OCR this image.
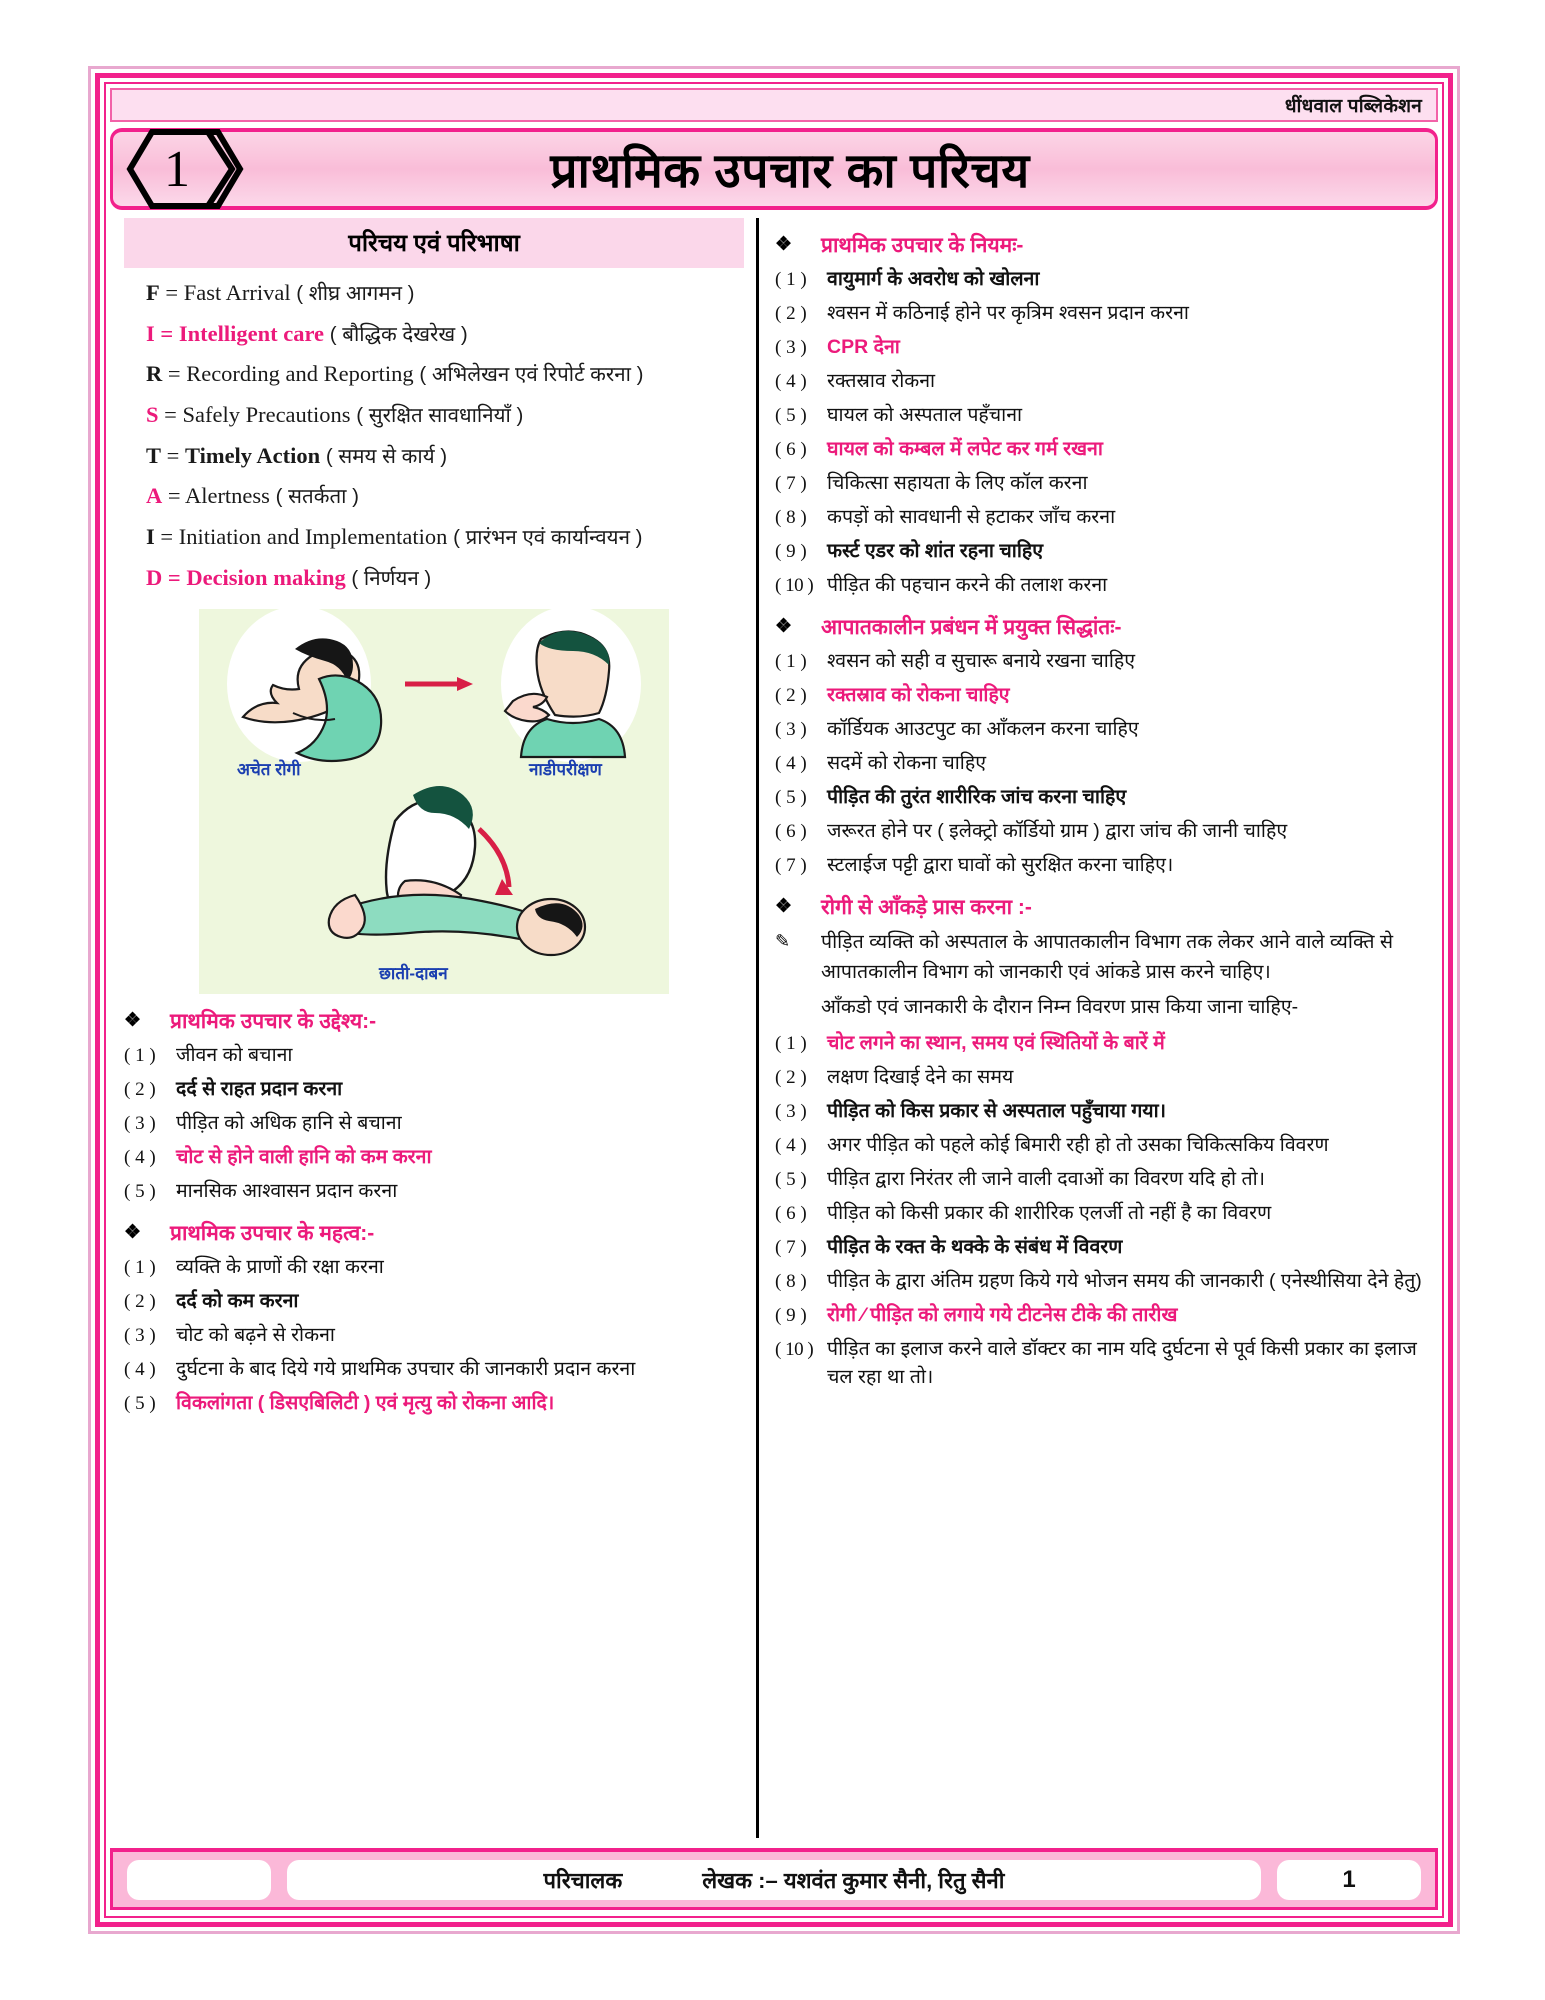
धींधवाल पब्लिकेशन
1	प्राथमिक उपचार का परिचय
परिचय एवं परिभाषा
F = Fast Arrival ( शीघ्र आगमन )
I = Intelligent care ( बौद्धिक देखरेख )
R = Recording and Reporting ( अभिलेखन एवं रिपोर्ट करना )
S = Safely Precautions ( सुरक्षित सावधानियाँ )
T = Timely Action ( समय से कार्य )
A = Alertness ( सतर्कता )
I = Initiation and Implementation ( प्रारंभन एवं कार्यान्वयन )
D = Decision making ( निर्णयन )
अचेत रोगी	नाडीपरीक्षण
छाती-दाबन
❖	प्राथमिक उपचार के उद्देश्य:-
( 1 )	जीवन को बचाना
( 2 )	दर्द से राहत प्रदान करना
( 3 )	पीड़ित को अधिक हानि से बचाना
( 4 )	चोट से होने वाली हानि को कम करना
( 5 )	मानसिक आश्वासन प्रदान करना
❖	प्राथमिक उपचार के महत्व:-
( 1 )	व्यक्ति के प्राणों की रक्षा करना
( 2 )	दर्द को कम करना
( 3 )	चोट को बढ़ने से रोकना
( 4 )	दुर्घटना के बाद दिये गये प्राथमिक उपचार की जानकारी प्रदान करना
( 5 )	विकलांगता ( डिसएबिलिटी ) एवं मृत्यु को रोकना आदि।
❖	प्राथमिक उपचार के नियमः-
( 1 )	वायुमार्ग के अवरोध को खोलना
( 2 )	श्वसन में कठिनाई होने पर कृत्रिम श्वसन प्रदान करना
( 3 )	CPR देना
( 4 )	रक्तस्राव रोकना
( 5 )	घायल को अस्पताल पहँचाना
( 6 )	घायल को कम्बल में लपेट कर गर्म रखना
( 7 )	चिकित्सा सहायता के लिए कॉल करना
( 8 )	कपड़ों को सावधानी से हटाकर जाँच करना
( 9 )	फर्स्ट एडर को शांत रहना चाहिए
( 10 ) पीड़ित की पहचान करने की तलाश करना
❖	आपातकालीन प्रबंधन में प्रयुक्त सिद्धांतः-
( 1 )	श्वसन को सही व सुचारू बनाये रखना चाहिए
( 2 )	रक्तस्राव को रोकना चाहिए
( 3 )	कॉर्डियक आउटपुट का आँकलन करना चाहिए
( 4 )	सदमें को रोकना चाहिए
( 5 )	पीड़ित की तुरंत शारीरिक जांच करना चाहिए
( 6 )	जरूरत होने पर ( इलेक्ट्रो कॉर्डियो ग्राम ) द्वारा जांच की जानी चाहिए
( 7 )	स्टलाईज पट्टी द्वारा घावों को सुरक्षित करना चाहिए।
❖	रोगी से आँकड़े प्रास करना :-
✎	पीड़ित व्यक्ति को अस्पताल के आपातकालीन विभाग तक लेकर आने वाले व्यक्ति से आपातकालीन विभाग को जानकारी एवं आंकडे प्रास करने चाहिए।
आँकडो एवं जानकारी के दौरान निम्न विवरण प्रास किया जाना चाहिए-
( 1 )	चोट लगने का स्थान, समय एवं स्थितियों के बारें में
( 2 )	लक्षण दिखाई देने का समय
( 3 )	पीड़ित को किस प्रकार से अस्पताल पहुँचाया गया।
( 4 )	अगर पीड़ित को पहले कोई बिमारी रही हो तो उसका चिकित्सकिय विवरण
( 5 )	पीड़ित द्वारा निरंतर ली जाने वाली दवाओं का विवरण यदि हो तो।
( 6 )	पीड़ित को किसी प्रकार की शारीरिक एलर्जी तो नहीं है का विवरण
( 7 )	पीड़ित के रक्त के थक्के के संबंध में विवरण
( 8 )	पीड़ित के द्वारा अंतिम ग्रहण किये गये भोजन समय की जानकारी ( एनेस्थीसिया देने हेतु)
( 9 )	रोगी ⁄ पीड़ित को लगाये गये टीटनेस टीके की तारीख
( 10 ) पीड़ित का इलाज करने वाले डॉक्टर का नाम यदि दुर्घटना से पूर्व किसी प्रकार का इलाज चल रहा था तो।
परिचालक	लेखक :– यशवंत कुमार सैनी, रितु सैनी	1
